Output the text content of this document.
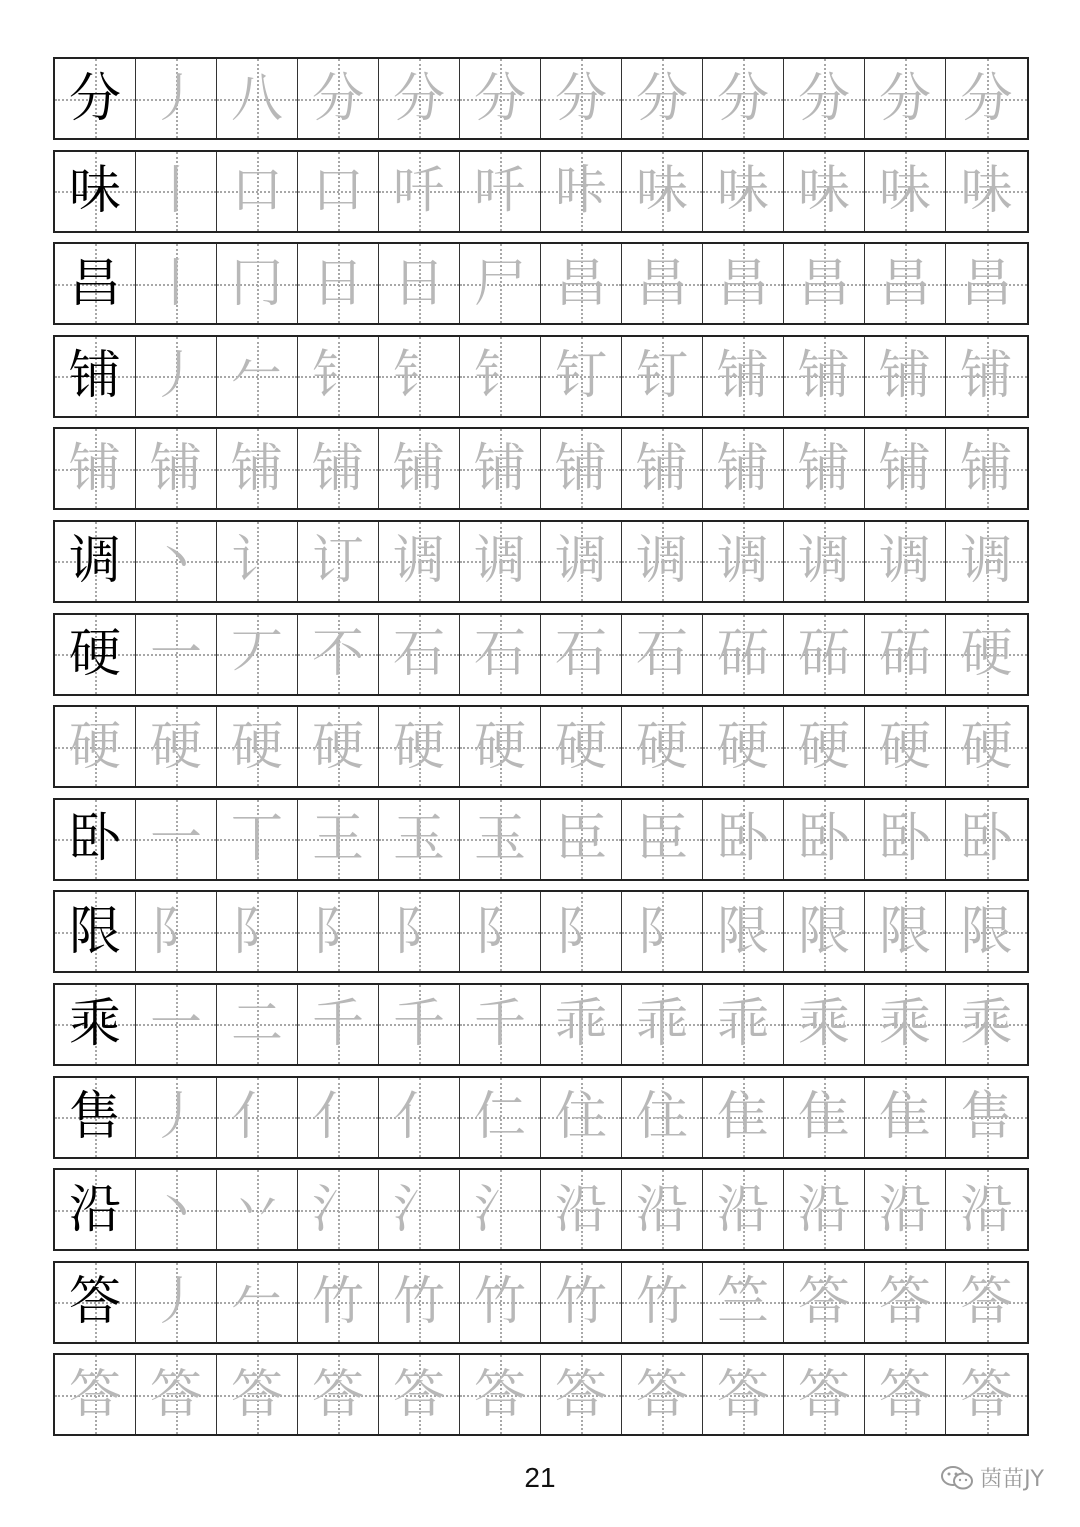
分 丿 八 分 分 分 分 分 分 分 分 分
味 丨 口 口 吀 吀 咔 味 味 味 味 味
昌 丨 冂 日 日 尸 昌 昌 昌 昌 昌 昌
铺 丿 𠂉 钅 钅 钅 钉 钉 铺 铺 铺 铺
铺 铺 铺 铺 铺 铺 铺 铺 铺 铺 铺 铺
调 丶 讠 订 调 调 调 调 调 调 调 调
硬 一 丆 不 石 石 石 石 砳 砳 砳 硬
硬 硬 硬 硬 硬 硬 硬 硬 硬 硬 硬 硬
卧 一 丅 王 玉 玉 臣 臣 卧 卧 卧 卧
限 阝 阝 阝 阝 阝 阝 阝 限 限 限 限
乘 一 二 千 千 千 乖 乖 乖 乘 乘 乘
售 丿 亻 亻 亻 仁 住 住 隹 隹 隹 售
沿 丶 丷 氵 氵 氵 沿 沿 沿 沿 沿 沿
答 丿 𠂉 竹 竹 竹 竹 竹 竺 答 答 答
答 答 答 答 答 答 答 答 答 答 答 答
21	茵苗JY
